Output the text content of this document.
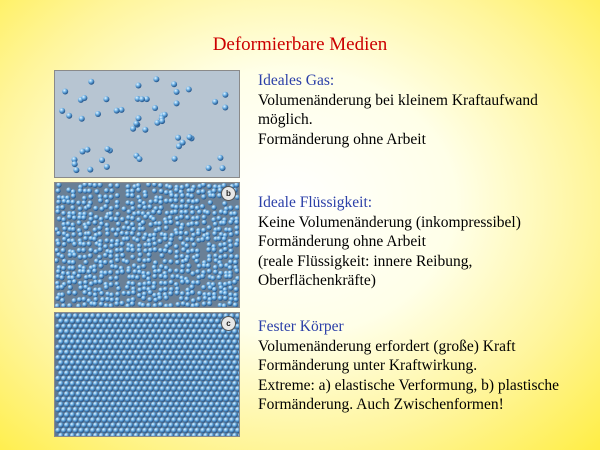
Deformierbare Medien
b
c
Ideales Gas:
Volumenänderung bei kleinem Kraftaufwand
möglich.
Formänderung ohne Arbeit
Ideale Flüssigkeit:
Keine Volumenänderung (inkompressibel)
Formänderung ohne Arbeit
(reale Flüssigkeit: innere Reibung,
Oberflächenkräfte)
Fester Körper
Volumenänderung erfordert (große) Kraft
Formänderung unter Kraftwirkung.
Extreme: a) elastische Verformung, b) plastische
Formänderung. Auch Zwischenformen!
